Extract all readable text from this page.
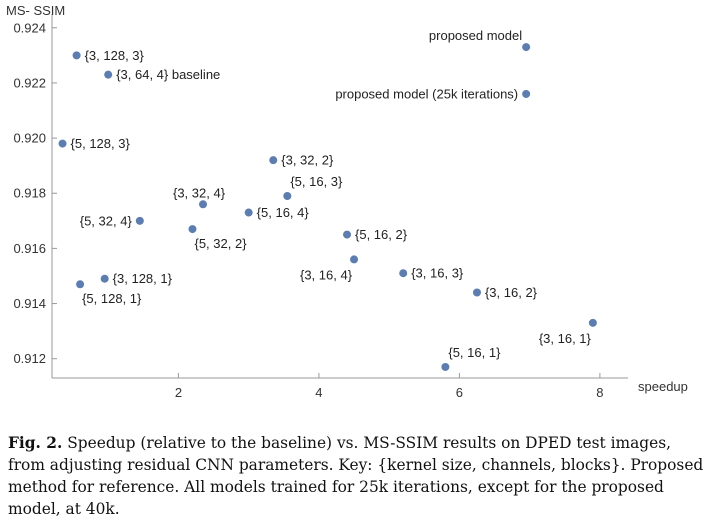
2	4	6	8
0.912
0.914
0.916
0.918
0.920
0.922
0.924
proposed model
proposed model (25k iterations)
{3, 128, 3}
{3, 64, 4} baseline
{5, 128, 3}
{3, 32, 2}
{5, 16, 3}
{3, 32, 4}
{5, 16, 4}
{5, 32, 4}
{5, 32, 2}
{5, 16, 2}
{3, 16, 4}	{3, 16, 3}
{3, 128, 1}
{5, 128, 1}	{3, 16, 2}
{3, 16, 1}
{5, 16, 1}
speedup
MS- SSIM

Fig. 2. Speedup (relative to the baseline) vs. MS-SSIM results on DPED test images,
from adjusting residual CNN parameters. Key: {kernel size, channels, blocks}. Proposed
method for reference. All models trained for 25k iterations, except for the proposed
model, at 40k.
